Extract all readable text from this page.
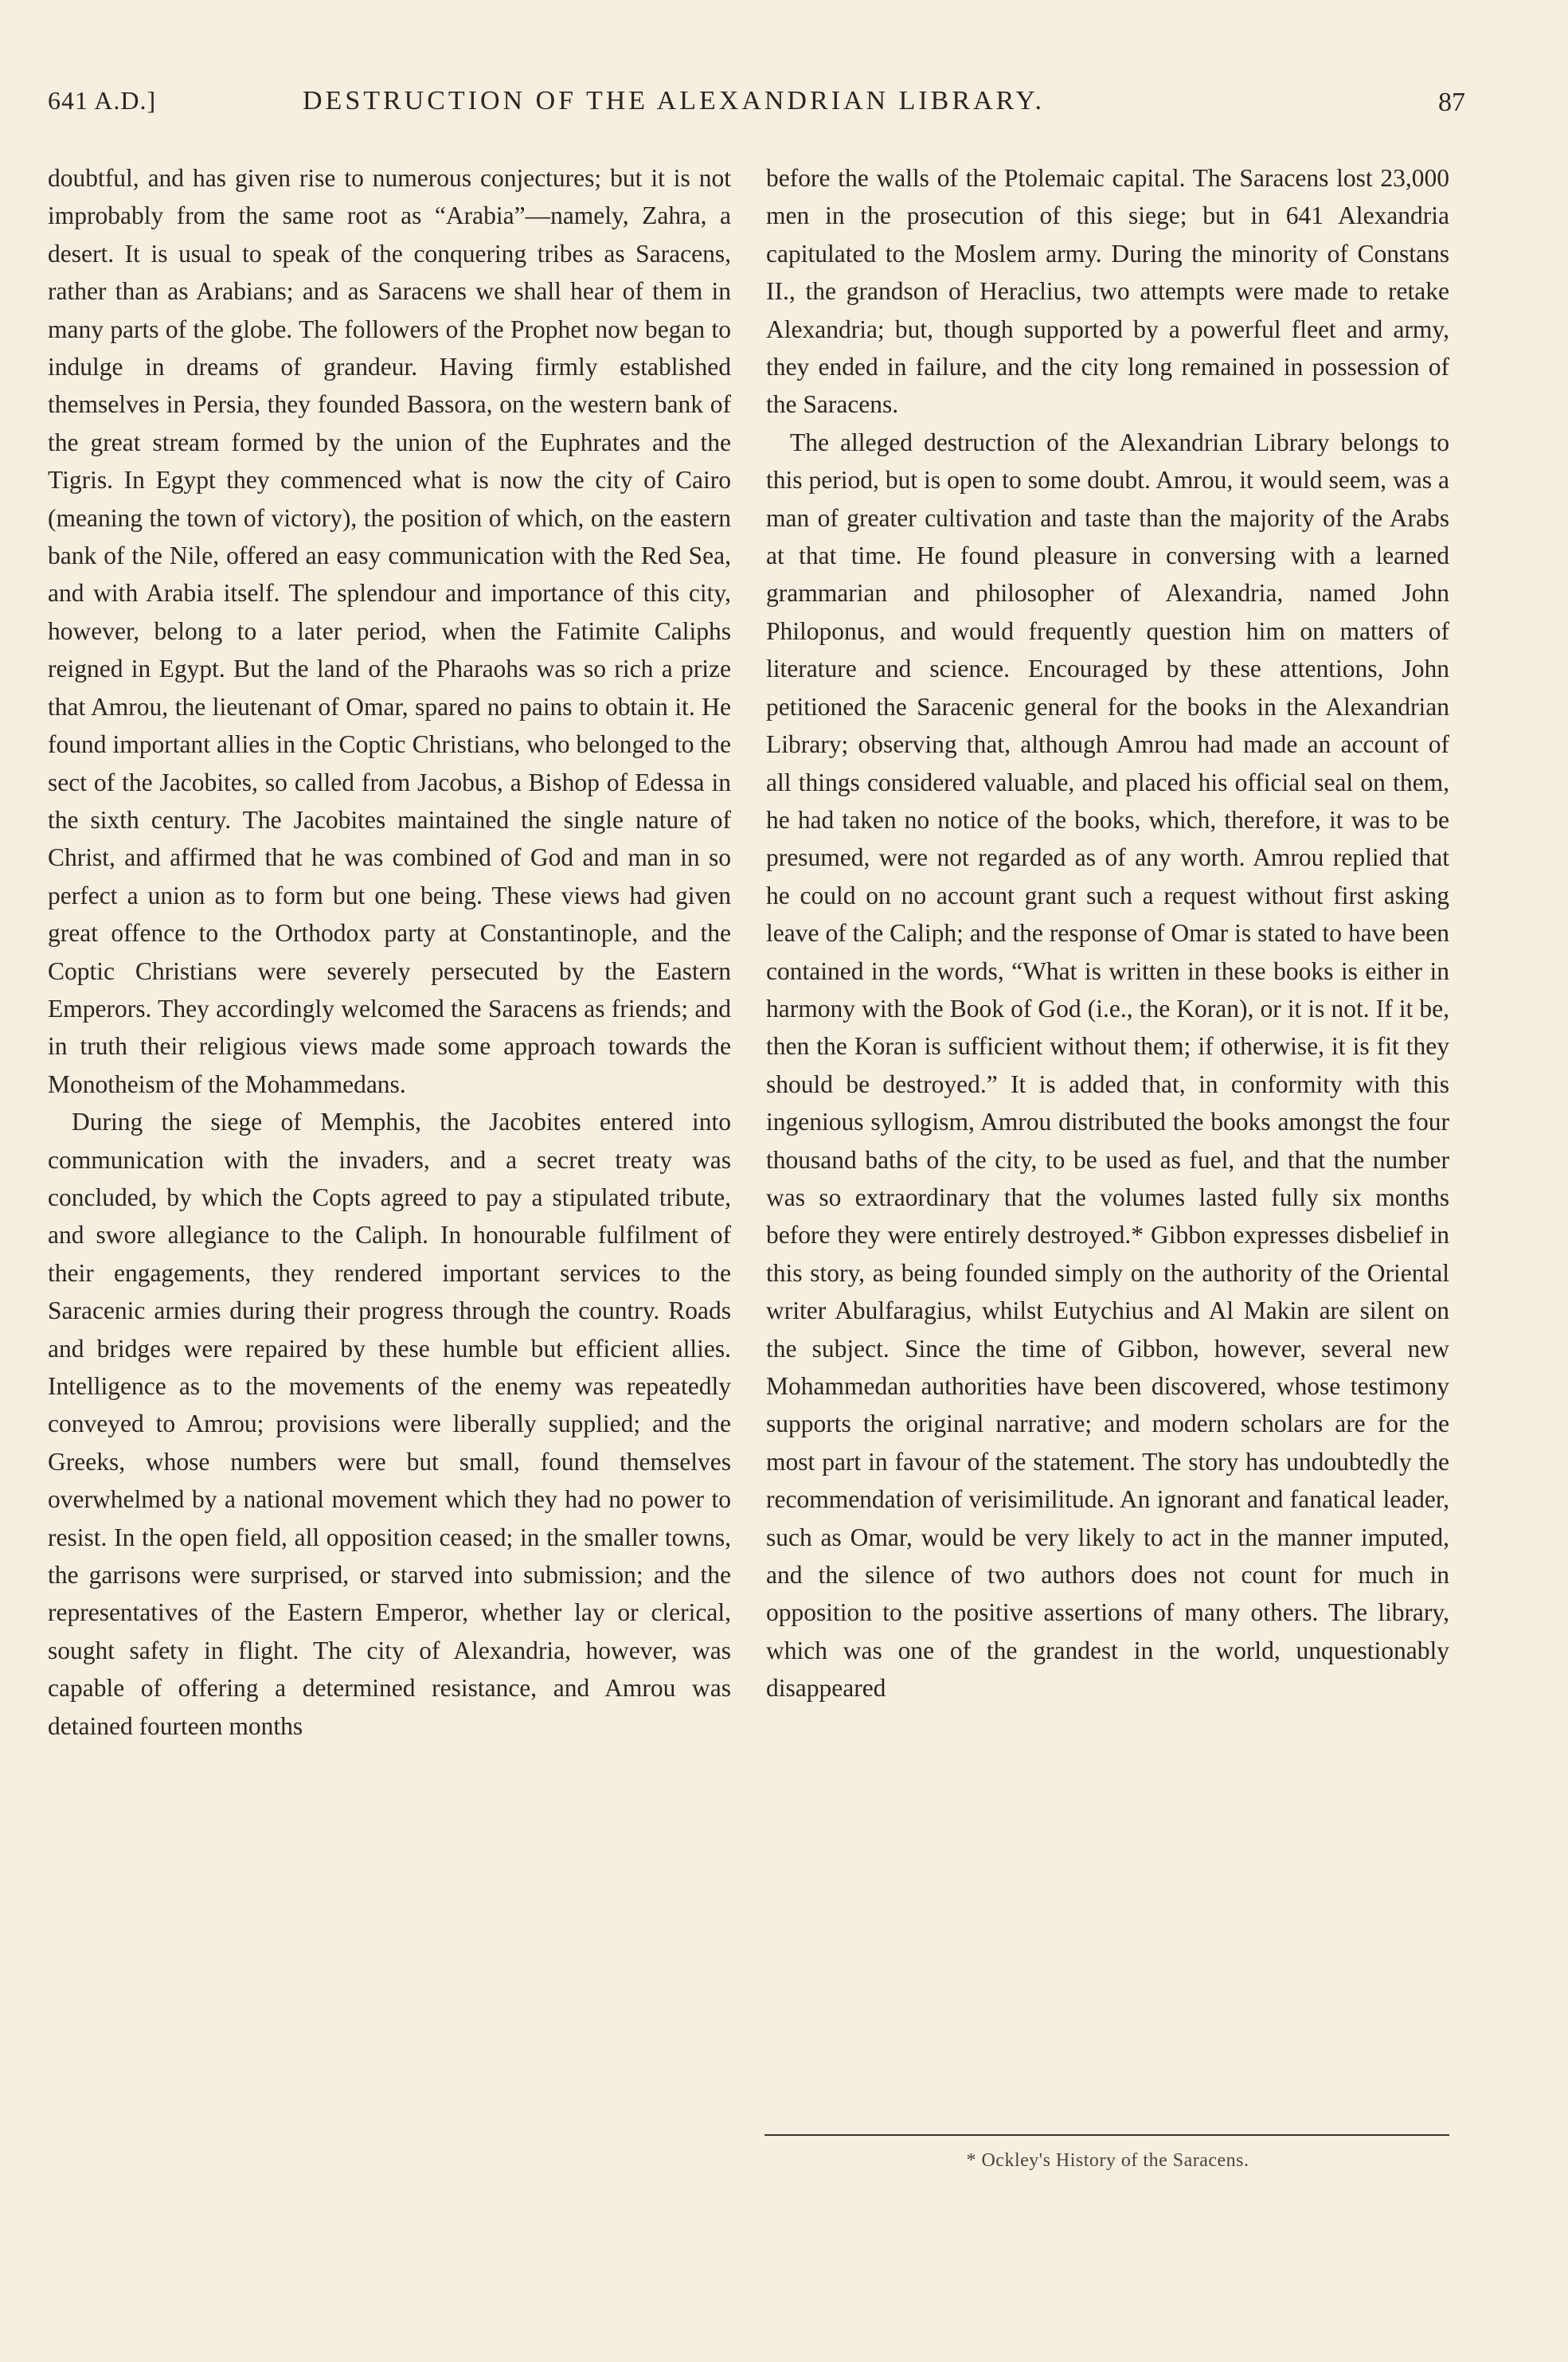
641 A.D.]	DESTRUCTION OF THE ALEXANDRIAN LIBRARY.	87

doubtful, and has given rise to numerous conjectures; but it is not improbably from the same root as “Arabia”—namely, Zahra, a desert. It is usual to speak of the conquering tribes as Saracens, rather than as Arabians; and as Saracens we shall hear of them in many parts of the globe. The followers of the Prophet now began to indulge in dreams of grandeur. Having firmly established themselves in Persia, they founded Bassora, on the western bank of the great stream formed by the union of the Euphrates and the Tigris. In Egypt they commenced what is now the city of Cairo (meaning the town of victory), the position of which, on the eastern bank of the Nile, offered an easy communication with the Red Sea, and with Arabia itself. The splendour and importance of this city, however, belong to a later period, when the Fatimite Caliphs reigned in Egypt. But the land of the Pharaohs was so rich a prize that Amrou, the lieutenant of Omar, spared no pains to obtain it. He found important allies in the Coptic Christians, who belonged to the sect of the Jacobites, so called from Jacobus, a Bishop of Edessa in the sixth century. The Jacobites maintained the single nature of Christ, and affirmed that he was combined of God and man in so perfect a union as to form but one being. These views had given great offence to the Orthodox party at Constantinople, and the Coptic Christians were severely persecuted by the Eastern Emperors. They accordingly welcomed the Saracens as friends; and in truth their religious views made some approach towards the Monotheism of the Mohammedans.

During the siege of Memphis, the Jacobites entered into communication with the invaders, and a secret treaty was concluded, by which the Copts agreed to pay a stipulated tribute, and swore allegiance to the Caliph. In honourable fulfilment of their engagements, they rendered important services to the Saracenic armies during their progress through the country. Roads and bridges were repaired by these humble but efficient allies. Intelligence as to the movements of the enemy was repeatedly conveyed to Amrou; provisions were liberally supplied; and the Greeks, whose numbers were but small, found themselves overwhelmed by a national movement which they had no power to resist. In the open field, all opposition ceased; in the smaller towns, the garrisons were surprised, or starved into submission; and the representatives of the Eastern Emperor, whether lay or clerical, sought safety in flight. The city of Alexandria, however, was capable of offering a determined resistance, and Amrou was detained fourteen months

before the walls of the Ptolemaic capital. The Saracens lost 23,000 men in the prosecution of this siege; but in 641 Alexandria capitulated to the Moslem army. During the minority of Constans II., the grandson of Heraclius, two attempts were made to retake Alexandria; but, though supported by a powerful fleet and army, they ended in failure, and the city long remained in possession of the Saracens.

The alleged destruction of the Alexandrian Library belongs to this period, but is open to some doubt. Amrou, it would seem, was a man of greater cultivation and taste than the majority of the Arabs at that time. He found pleasure in conversing with a learned grammarian and philosopher of Alexandria, named John Philoponus, and would frequently question him on matters of literature and science. Encouraged by these attentions, John petitioned the Saracenic general for the books in the Alexandrian Library; observing that, although Amrou had made an account of all things considered valuable, and placed his official seal on them, he had taken no notice of the books, which, therefore, it was to be presumed, were not regarded as of any worth. Amrou replied that he could on no account grant such a request without first asking leave of the Caliph; and the response of Omar is stated to have been contained in the words, “What is written in these books is either in harmony with the Book of God (i.e., the Koran), or it is not. If it be, then the Koran is sufficient without them; if otherwise, it is fit they should be destroyed.” It is added that, in conformity with this ingenious syllogism, Amrou distributed the books amongst the four thousand baths of the city, to be used as fuel, and that the number was so extraordinary that the volumes lasted fully six months before they were entirely destroyed.* Gibbon expresses disbelief in this story, as being founded simply on the authority of the Oriental writer Abulfaragius, whilst Eutychius and Al Makin are silent on the subject. Since the time of Gibbon, however, several new Mohammedan authorities have been discovered, whose testimony supports the original narrative; and modern scholars are for the most part in favour of the statement. The story has undoubtedly the recommendation of verisimilitude. An ignorant and fanatical leader, such as Omar, would be very likely to act in the manner imputed, and the silence of two authors does not count for much in opposition to the positive assertions of many others. The library, which was one of the grandest in the world, unquestionably disappeared

* Ockley's History of the Saracens.
